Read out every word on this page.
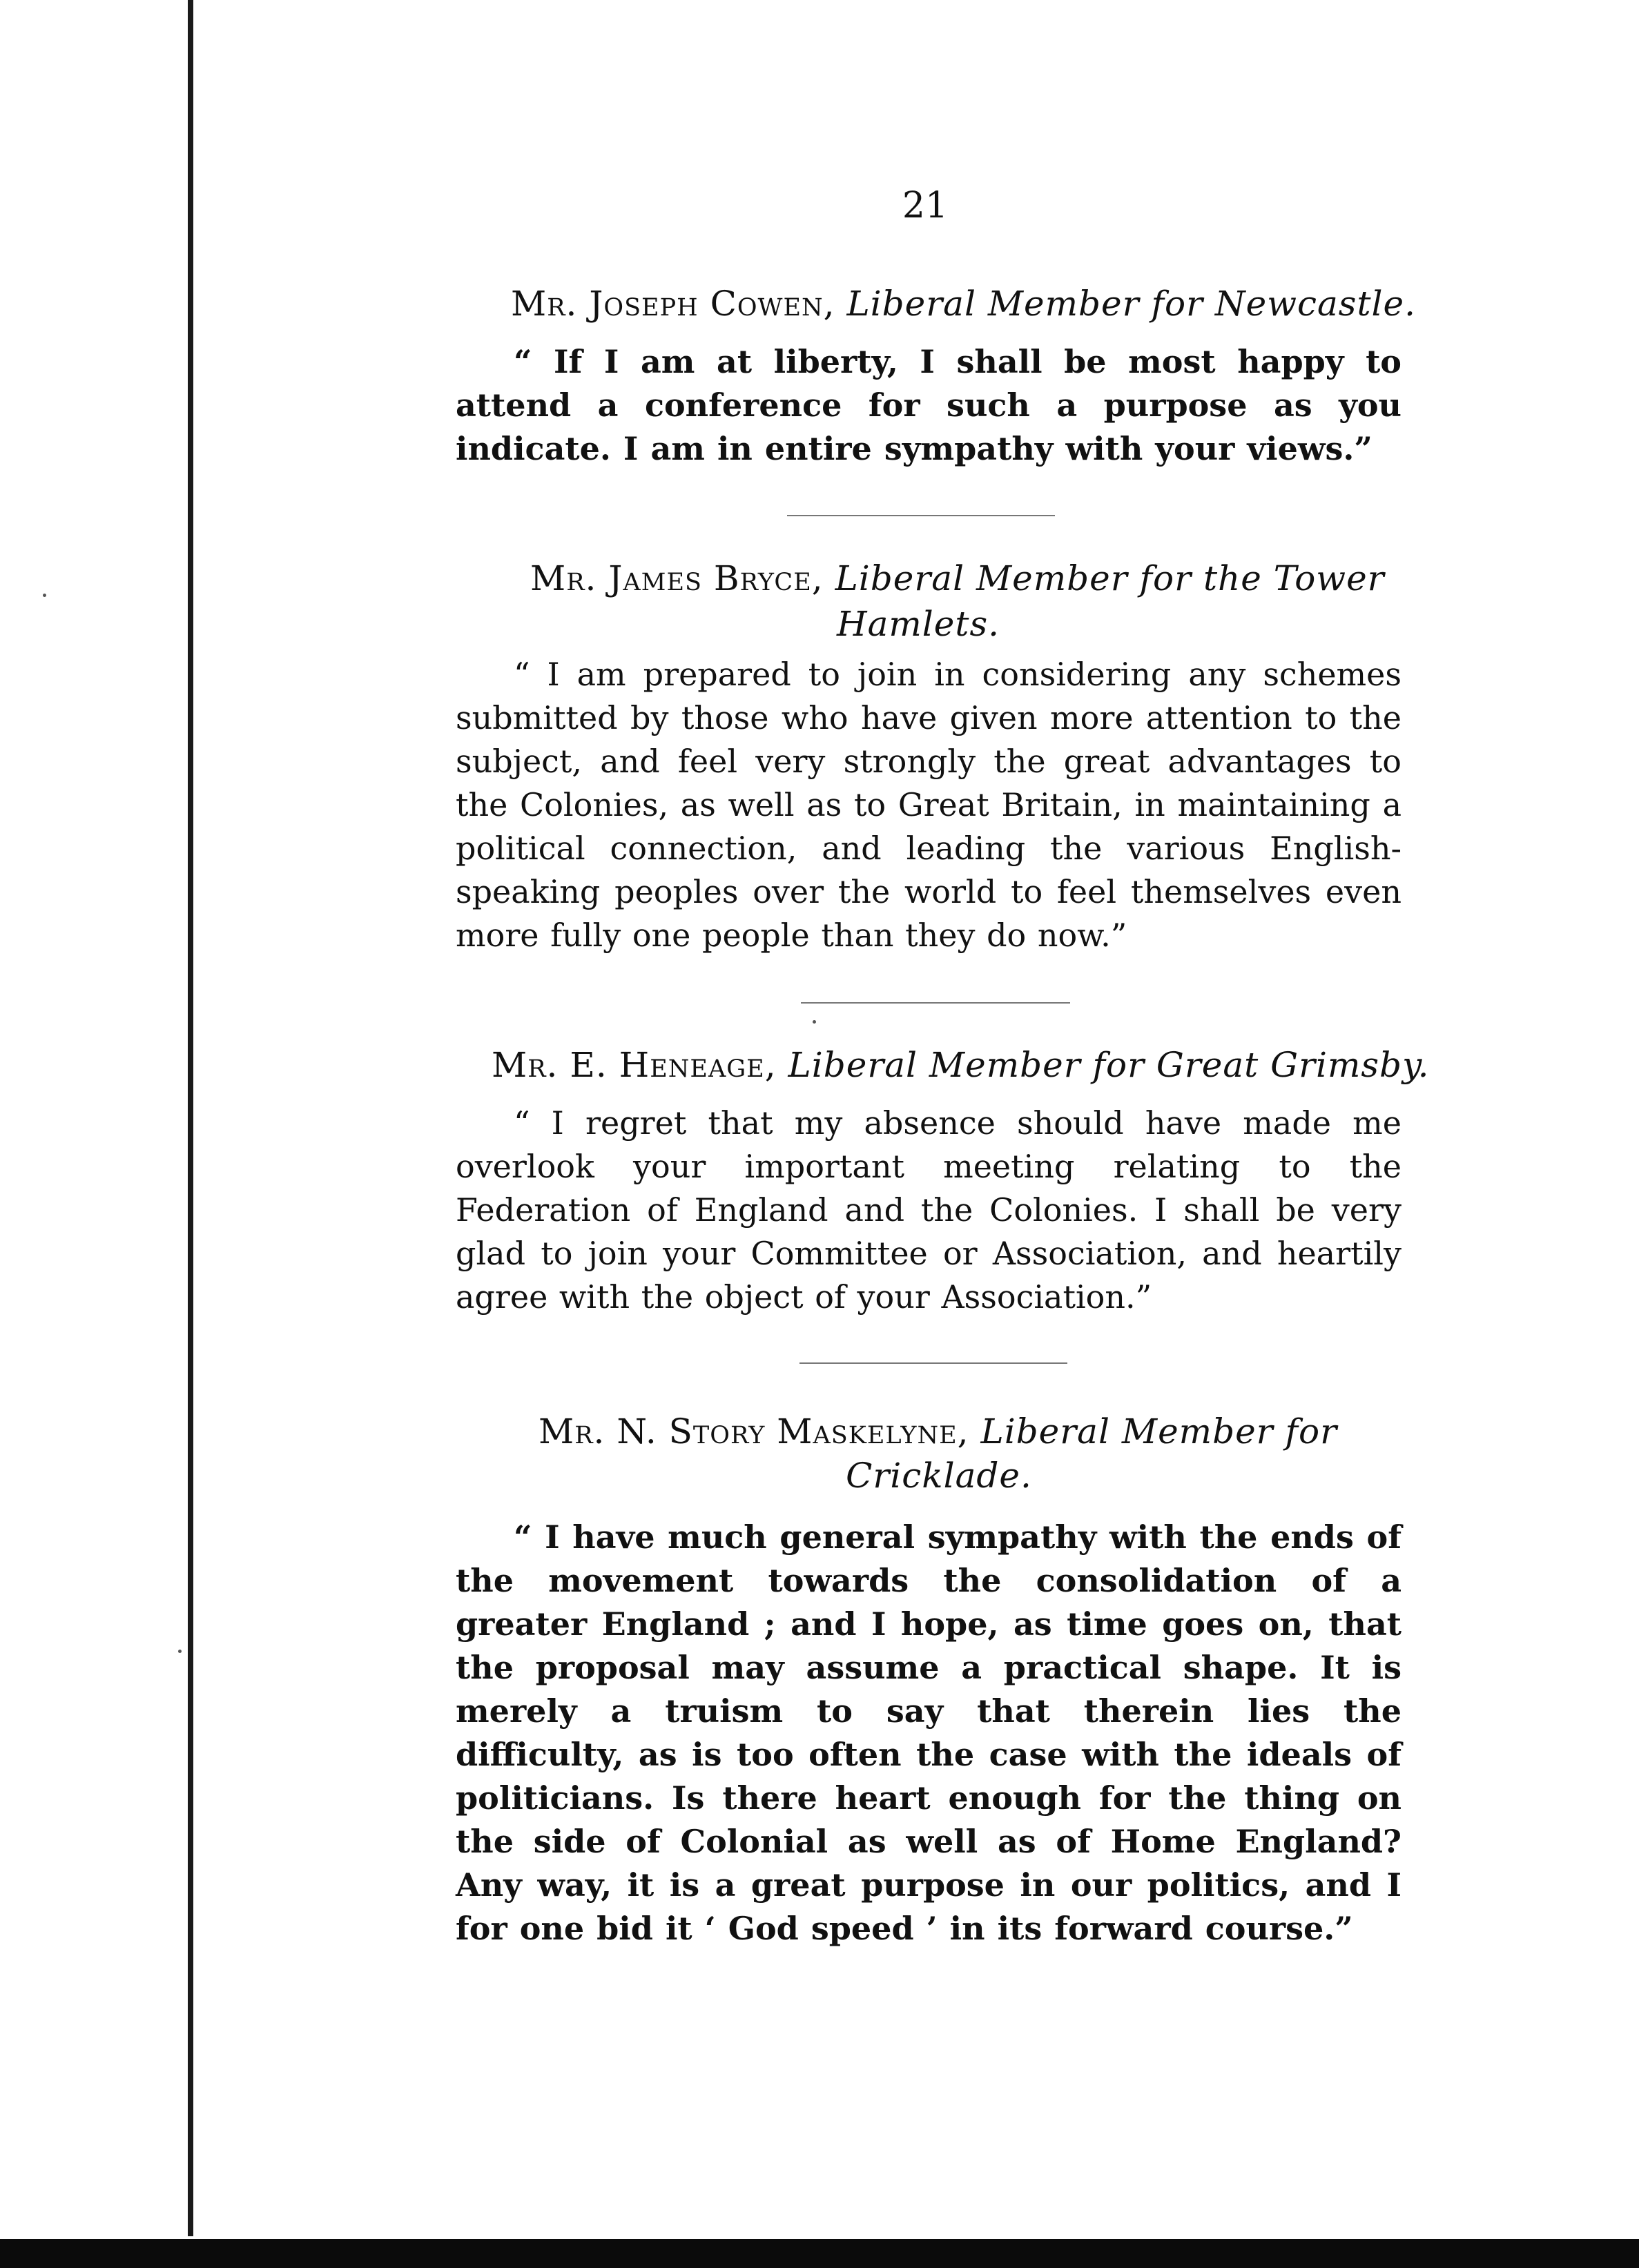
21
Mr. Joseph Cowen, Liberal Member for Newcastle.
“ If I am at liberty, I shall be most happy to attend a conference for such a purpose as you indicate. I am in entire sympathy with your views.”
Mr. James Bryce, Liberal Member for the Tower
Hamlets.
“ I am prepared to join in considering any schemes submitted by those who have given more attention to the subject, and feel very strongly the great advantages to the Colonies, as well as to Great Britain, in maintaining a political connection, and leading the various English-speaking peoples over the world to feel themselves even more fully one people than they do now.”
Mr. E. Heneage, Liberal Member for Great Grimsby.
“ I regret that my absence should have made me overlook your important meeting relating to the Federation of England and the Colonies. I shall be very glad to join your Committee or Association, and heartily agree with the object of your Association.”
Mr. N. Story Maskelyne, Liberal Member for
Cricklade.
“ I have much general sympathy with the ends of the movement towards the consolidation of a greater England ; and I hope, as time goes on, that the proposal may assume a practical shape. It is merely a truism to say that therein lies the difficulty, as is too often the case with the ideals of politicians. Is there heart enough for the thing on the side of Colonial as well as of Home England? Any way, it is a great purpose in our politics, and I for one bid it ‘ God speed ’ in its forward course.”
